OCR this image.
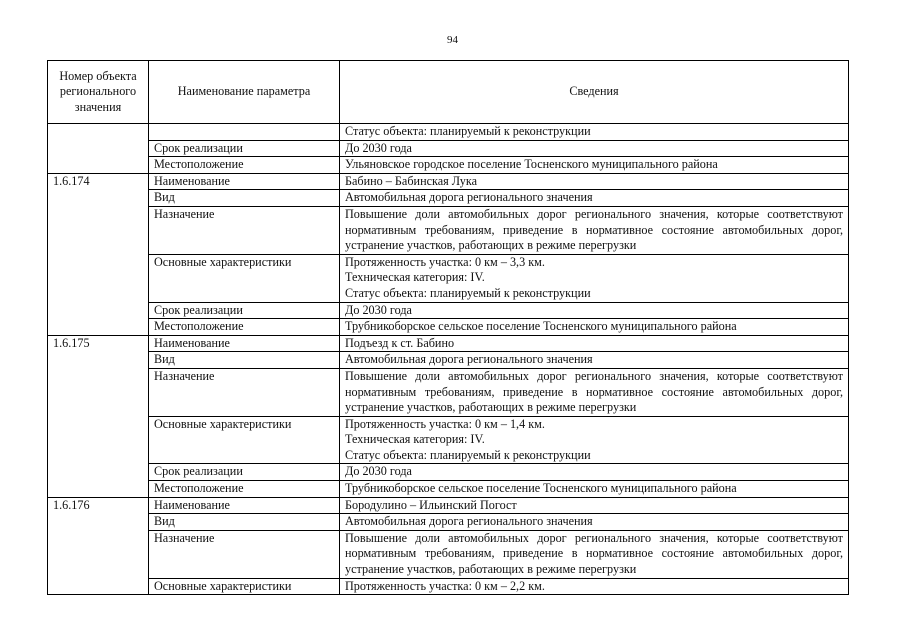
94
Номер объекта регионального значения	Наименование параметра	Сведения

		Статус объекта: планируемый к реконструкции

	Срок реализации	До 2030 года

	Местоположение	Ульяновское городское поселение Тосненского муниципального района

1.6.174	Наименование	Бабино – Бабинская Лука

	Вид	Автомобильная дорога регионального значения

	Назначение	Повышение доли автомобильных дорог регионального значения, которые соответствуют нормативным требованиям, приведение в нормативное состояние автомобильных дорог, устранение участков, работающих в режиме перегрузки

	Основные характеристики	Протяженность участка: 0 км – 3,3 км.
Техническая категория: IV.
Статус объекта: планируемый к реконструкции

	Срок реализации	До 2030 года

	Местоположение	Трубникоборское сельское поселение Тосненского муниципального района

1.6.175	Наименование	Подъезд к ст. Бабино

	Вид	Автомобильная дорога регионального значения

	Назначение	Повышение доли автомобильных дорог регионального значения, которые соответствуют нормативным требованиям, приведение в нормативное состояние автомобильных дорог, устранение участков, работающих в режиме перегрузки

	Основные характеристики	Протяженность участка: 0 км – 1,4 км.
Техническая категория: IV.
Статус объекта: планируемый к реконструкции

	Срок реализации	До 2030 года

	Местоположение	Трубникоборское сельское поселение Тосненского муниципального района

1.6.176	Наименование	Бородулино – Ильинский Погост

	Вид	Автомобильная дорога регионального значения

	Назначение	Повышение доли автомобильных дорог регионального значения, которые соответствуют нормативным требованиям, приведение в нормативное состояние автомобильных дорог, устранение участков, работающих в режиме перегрузки

	Основные характеристики	Протяженность участка: 0 км – 2,2 км.
